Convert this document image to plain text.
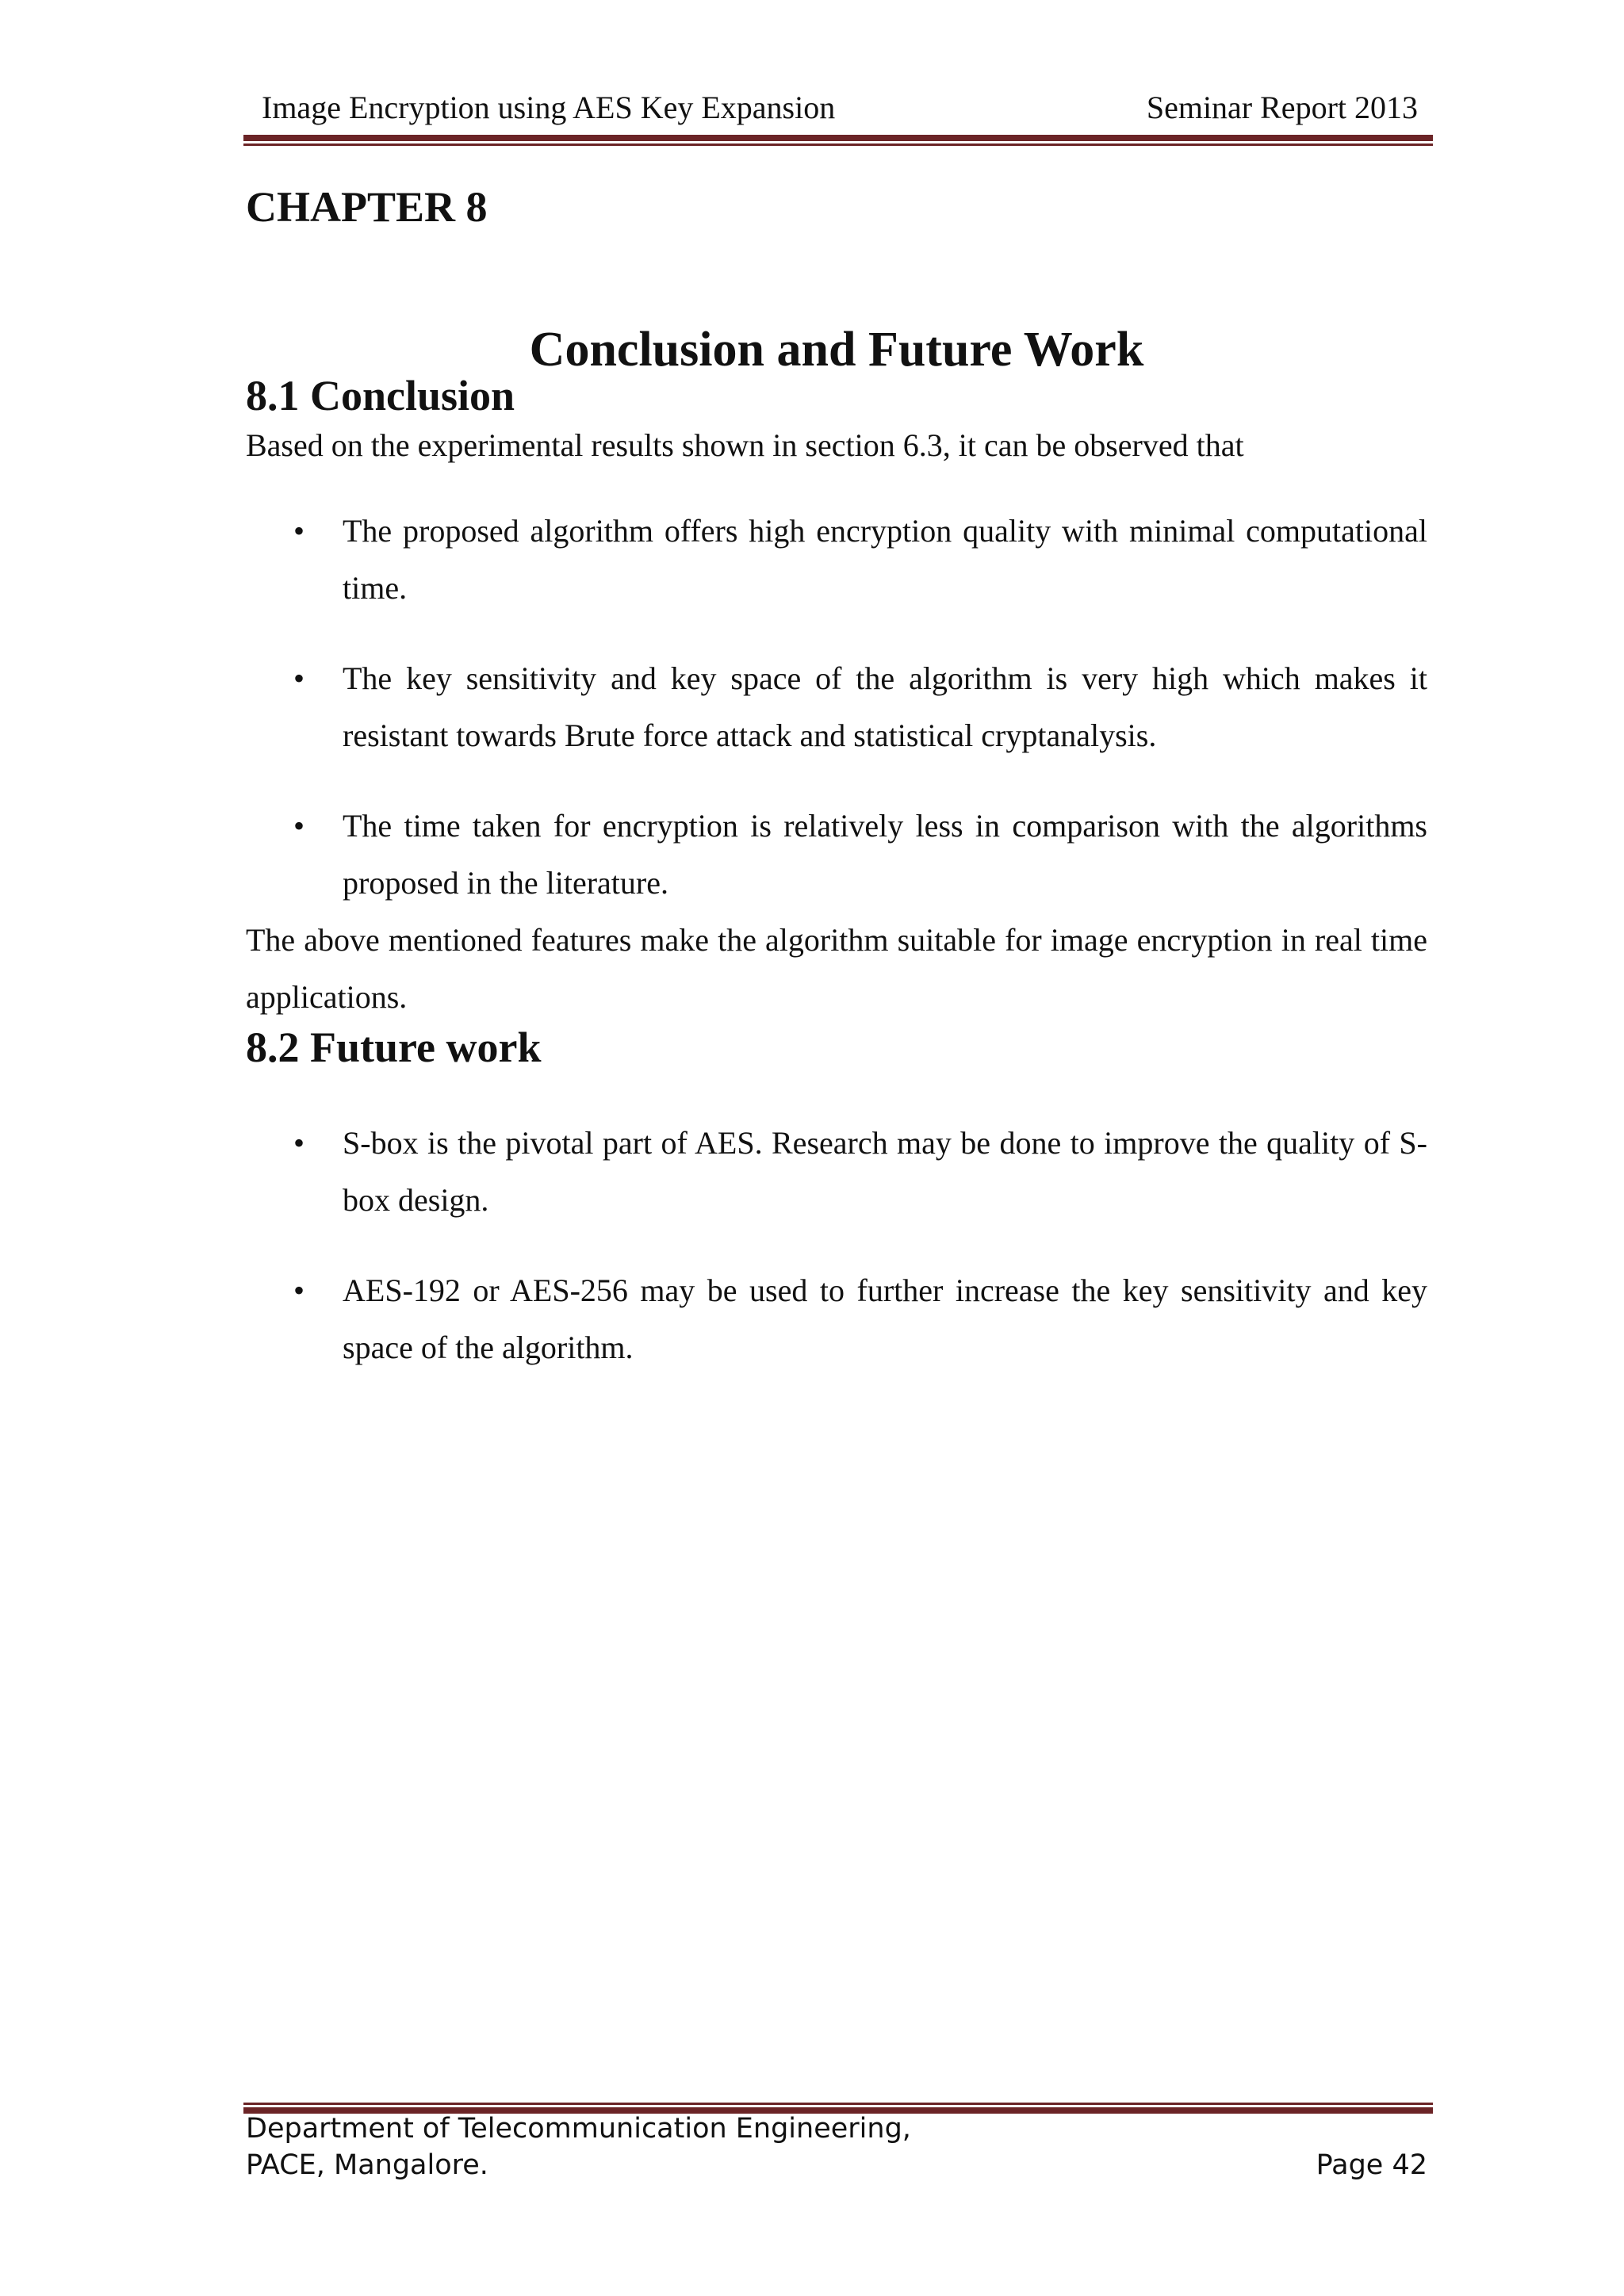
Image Encryption using AES Key Expansion	Seminar Report 2013
CHAPTER 8
Conclusion and Future Work
8.1 Conclusion

Based on the experimental results shown in section 6.3, it can be observed that

• The proposed algorithm offers high encryption quality with minimal computational time.
• The key sensitivity and key space of the algorithm is very high which makes it resistant towards Brute force attack and statistical cryptanalysis.
• The time taken for encryption is relatively less in comparison with the algorithms proposed in the literature.

The above mentioned features make the algorithm suitable for image encryption in real time applications.

8.2 Future work
• S-box is the pivotal part of AES. Research may be done to improve the quality of S-box design.
• AES-192 or AES-256 may be used to further increase the key sensitivity and key space of the algorithm.
Department of Telecommunication Engineering,
PACE, Mangalore.	Page 42
